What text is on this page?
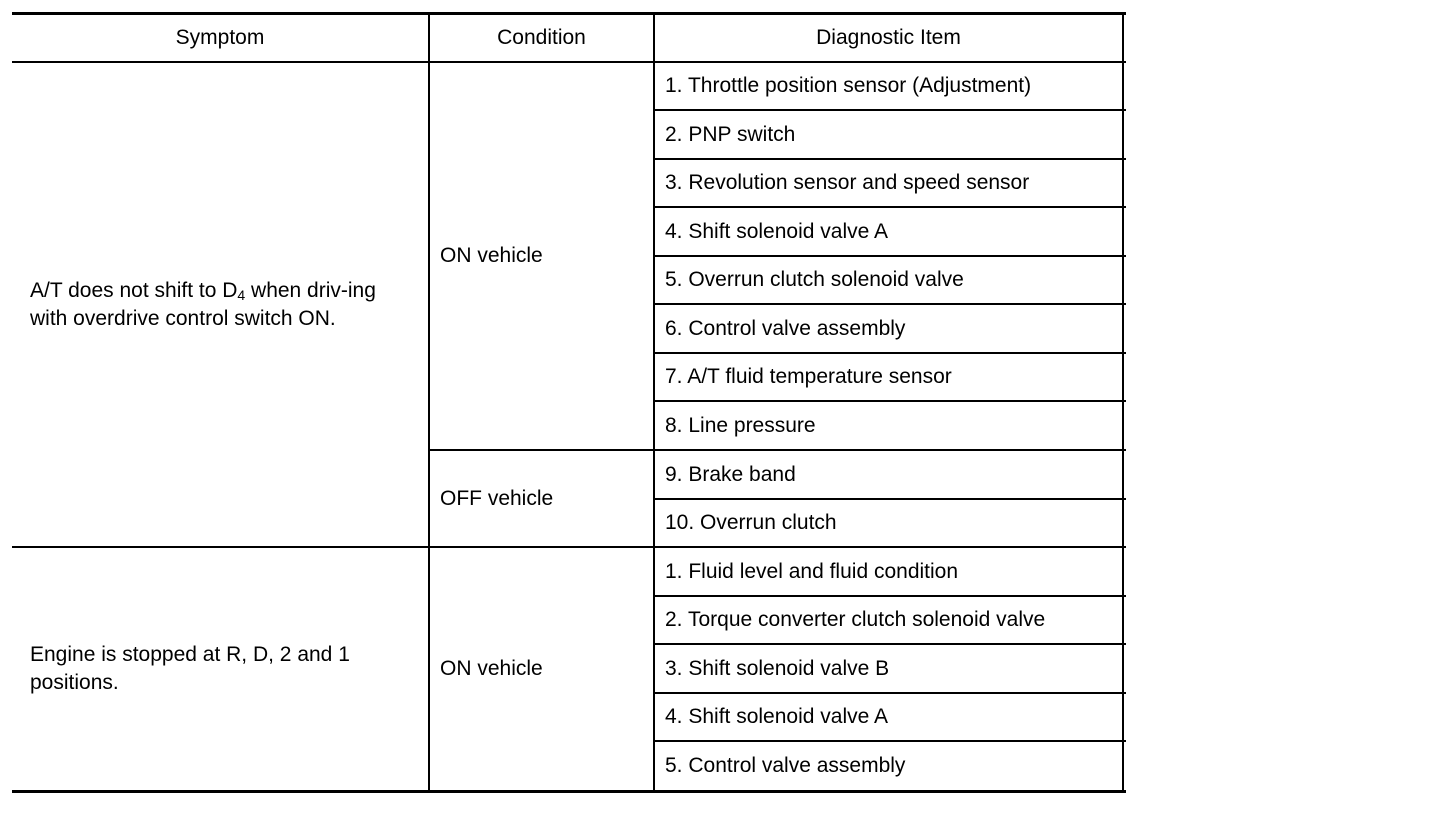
Symptom	Condition	Diagnostic Item
A/T does not shift to $D_4$ when driv-ing with overdrive control switch ON.
ON vehicle
OFF vehicle
1. Throttle position sensor (Adjustment)
2. PNP switch
3. Revolution sensor and speed sensor
4. Shift solenoid valve A
5. Overrun clutch solenoid valve
6. Control valve assembly
7. A/T fluid temperature sensor
8. Line pressure
9. Brake band
10. Overrun clutch
Engine is stopped at R, D, 2 and 1 positions.
ON vehicle
1. Fluid level and fluid condition
2. Torque converter clutch solenoid valve
3. Shift solenoid valve B
4. Shift solenoid valve A
5. Control valve assembly
